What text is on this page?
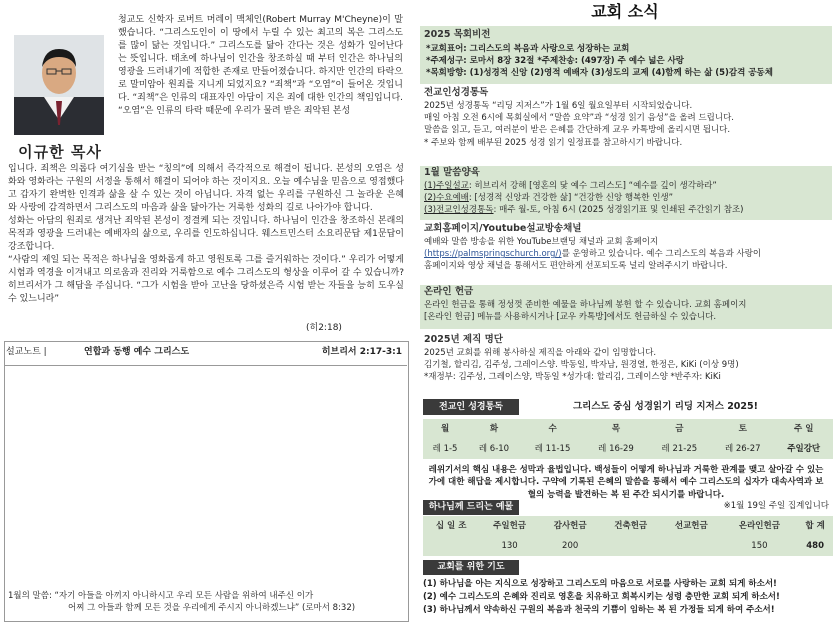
이규한 목사
청교도 신학자 로버트 머레이 맥체인(Robert Murray M'Cheyne)이 말했습니다. “그리스도인이 이 땅에서 누릴 수 있는 최고의 복은 그리스도를 많이 닮는 것입니다.” 그리스도를 닮아 간다는 것은 성화가 일어난다는 뜻입니다. 태초에 하나님이 인간을 창조하실 때 부터 인간은 하나님의 영광을 드러내기에 적합한 존재로 만들어졌습니다. 하지만 인간의 타락으로 말미암아 원죄를 지니게 되었지요? “죄책”과 “오염”이 들어온 것입니다. “죄책”은 인류의 대표자인 아담이 지은 죄에 대한 인간의 책임입니다. “오염”은 인류의 타락 때문에 우리가 물려 받은 죄악된 본성
입니다. 죄책은 의롭다 여기심을 받는 “칭의”에 의해서 즉각적으로 해결이 됩니다. 본성의 오염은 성화와 영화라는 구원의 서정을 통해서 해결이 되어야 하는 것이지요. 오늘 예수님을 믿음으로 영접했다고 갑자기 완벽한 인격과 삶을 살 수 있는 것이 아닙니다. 자격 없는 우리를 구원하신 그 놀라운 은혜와 사랑에 감격하면서 그리스도의 마음과 삶을 닮아가는 거룩한 성화의 길로 나아가야 합니다.
성화는 아담의 원죄로 생겨난 죄악된 본성이 정결케 되는 것입니다. 하나님이 인간을 창조하신 본래의 목적과 영광을 드러내는 예배자의 삶으로, 우리를 인도하십니다. 웨스트민스터 소요리문답 제1문답이 강조합니다.
“사람의 제일 되는 목적은 하나님을 영화롭게 하고 영원토록 그를 즐거워하는 것이다.” 우리가 어떻게 시험과 역경을 이겨내고 의로움과 진리와 거룩함으로 예수 그리스도의 형상을 이루어 갈 수 있습니까? 히브리서가 그 해답을 주십니다. “그가 시험을 받아 고난을 당하셨은즉 시험 받는 자들을 능히 도우실 수 있느니라”
(히2:18)
설교노트 |	연합과 동행 예수 그리스도	히브리서 2:17-3:1
1월의 말씀: “자기 아들을 아끼지 아니하시고 우리 모든 사람을 위하여 내주신 이가
어찌 그 아들과 함께 모든 것을 우리에게 주시지 아니하겠느냐” (로마서 8:32)
교회 소식
2025 목회비전
*교회표어: 그리스도의 복음과 사랑으로 성장하는 교회
*주제성구: 로마서 8장 32절 *주제찬송: (497장) 주 예수 넓은 사랑
*목회방향: (1)성경적 신앙 (2)영적 예배자 (3)성도의 교제 (4)함께 하는 삶 (5)감격 공동체
전교인성경통독
2025년 성경통독 “리딩 지저스”가 1월 6일 월요일부터 시작되었습니다.
매일 아침 오전 6시에 목회실에서 “말씀 요약”과 “성경 읽기 음성”을 올려 드립니다.
말씀을 읽고, 듣고, 여러분이 받은 은혜를 간단하게 교우 카톡방에 올리시면 됩니다.
* 주보와 함께 배부된 2025 성경 읽기 일정표를 참고하시기 바랍니다.
1월 말씀양육
(1)주일설교: 히브리서 강해 [영혼의 닻 예수 그리스도] “예수를 깊이 생각하라”
(2)수요예배: [성경적 신앙과 건강한 삶] “건강한 신앙 행복한 인생”
(3)전교인성경통독: 매주 월-토, 아침 6시 (2025 성경읽기표 및 인쇄된 주간읽기 참조)
교회홈페이지/Youtube설교방송채널
예배와 말씀 방송을 위한 YouTube브랜딩 채널과 교회 홈페이지
(https://palmspringschurch.org/)를 운영하고 있습니다. 예수 그리스도의 복음과 사랑이
홈페이지와 영상 채널을 통해서도 편안하게 선포되도록 널리 알려주시기 바랍니다.
온라인 헌금
온라인 헌금을 통해 정성껏 준비한 예물을 하나님께 봉헌 할 수 있습니다. 교회 홈페이지
[온라인 헌금] 메뉴를 사용하시거나 [교우 카톡방]에서도 헌금하실 수 있습니다.
2025년 제직 명단
2025년 교회를 위해 봉사하실 제직을 아래와 같이 임명합니다.
김기철, 할리김, 김주성, 그레이스양. 박동일, 박자남, 원경열, 한정은, KiKi (이상 9명)
*재정부: 김주성, 그레이스양, 박동일 *성가대: 할리김, 그레이스양 *반주자: KiKi
전교인 성경통독	그리스도 중심 성경읽기 리딩 지저스 2025!
월	화	수	목	금	토	주 일
레 1-5	레 6-10	레 11-15	레 16-29	레 21-25	레 26-27	주일강단
레위기서의 핵심 내용은 성막과 율법입니다. 백성들이 어떻게 하나님과 거룩한 관계를 맺고 살아갈 수 있는가에 대한 해답을 제시합니다. 구약에 기록된 은혜의 말씀을 통해서 예수 그리스도의 십자가 대속사역과 보혈의 능력을 발견하는 복 된 주간 되시기를 바랍니다.
하나님께 드리는 예물	※1월 19일 주일 집계입니다
십 일 조	주일헌금	감사헌금	건축헌금	선교헌금	온라인헌금	합 계
	130	200			150	480
교회를 위한 기도
(1) 하나님을 아는 지식으로 성장하고 그리스도의 마음으로 서로를 사랑하는 교회 되게 하소서!
(2) 예수 그리스도의 은혜와 진리로 영혼을 치유하고 회복시키는 성령 충만한 교회 되게 하소서!
(3) 하나님께서 약속하신 구원의 복음과 천국의 기쁨이 임하는 복 된 가정들 되게 하여 주소서!
